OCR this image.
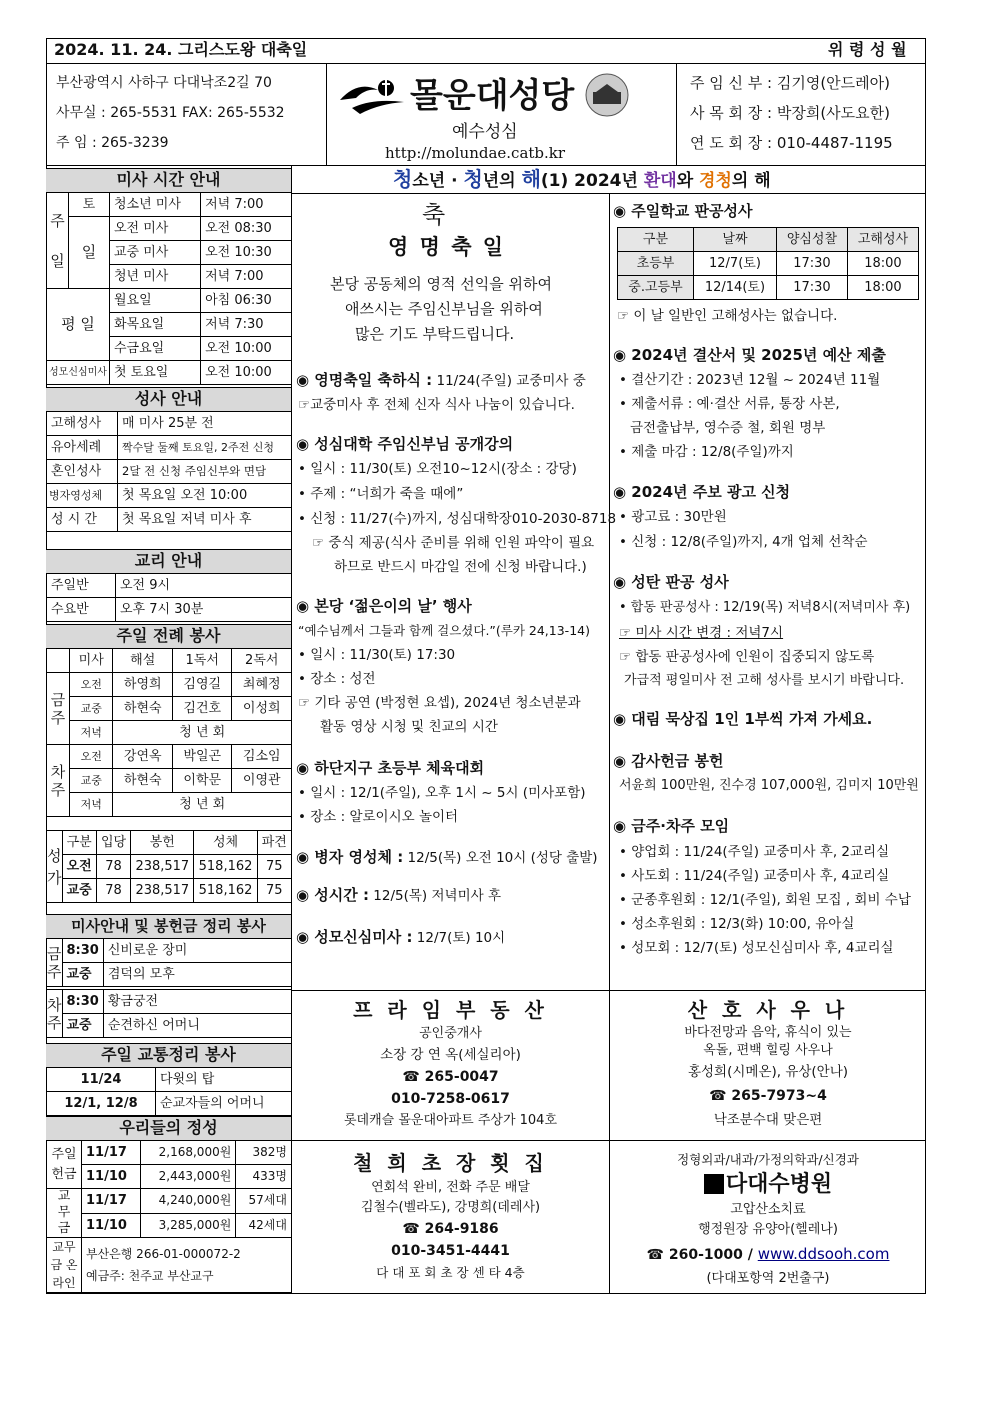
2024. 11. 24. 그리스도왕 대축일	위 령 성 월
부산광역시 사하구 다대낙조2길 70
사무실 : 265-5531 FAX: 265-5532
주 임 : 265-3239
몰운대성당
예수성심
http://molundae.catb.kr
주 임 신 부 : 김기영(안드레아)
사 목 회 장 : 박장희(사도요한)
연 도 회 장 : 010-4487-1195
청소년 · 청년의 해(1) 2024년 환대와 경청의 해
미사 시간 안내
주

일	토	청소년 미사	저녁 7:00
	일	오전 미사	오전 08:30
		교중 미사	오전 10:30
		청년 미사	저녁 7:00
평 일		월요일	아침 06:30
		화목요일	저녁 7:30
		수금요일	오전 10:00
성모신심미사		첫 토요일	오전 10:00
성사 안내
고해성사	매 미사 25분 전
유아세례	짝수달 둘째 토요일, 2주전 신청
혼인성사	2달 전 신청 주임신부와 면담
병자영성체	첫 목요일 오전 10:00
성 시 간	첫 목요일 저녁 미사 후
교리 안내
주일반	오전 9시
수요반	오후 7시 30분
주일 전례 봉사
	미사	해설	1독서	2독서
금주	오전	하영희	김영길	최혜정
	교중	하현숙	김건호	이성희
	저녁	청 년 회		
차주	오전	강연옥	박일곤	김소임
	교중	하현숙	이학문	이영관
	저녁	청 년 회		
성가	구분	입당	봉헌	성체	파견
	오전	78	238,517	518,162	75
	교중	78	238,517	518,162	75
미사안내 및 봉헌금 정리 봉사
금주	8:30	신비로운 장미
	교중	겸덕의 모후

차주	8:30	황금궁전
	교중	순견하신 어머니
주일 교통정리 봉사
11/24	다윗의 탑
12/1, 12/8	순교자들의 어머니
우리들의 정성
주일헌금	11/17	2,168,000원	382명
	11/10	2,443,000원	433명
교무금	11/17	4,240,000원	57세대
	11/10	3,285,000원	42세대
교무금 온라인	부산은행 266-01-000072-2
예금주: 천주교 부산교구		
축
영 명 축 일
본당 공동체의 영적 선익을 위하여
애쓰시는 주임신부님을 위하여
많은 기도 부탁드립니다.
◉ 영명축일 축하식 : 11/24(주일) 교중미사 중
☞교중미사 후 전체 신자 식사 나눔이 있습니다.
◉ 성심대학 주임신부님 공개강의
• 일시 : 11/30(토) 오전10~12시(장소 : 강당)
• 주제 : “너희가 죽을 때에”
• 신청 : 11/27(수)까지, 성심대학장010-2030-8718
☞ 중식 제공(식사 준비를 위해 인원 파악이 필요
하므로 반드시 마감일 전에 신청 바랍니다.)
◉ 본당 ‘젊은이의 날’ 행사
“예수님께서 그들과 함께 걸으셨다.”(루카 24,13-14)
• 일시 : 11/30(토) 17:30
• 장소 : 성전
☞ 기타 공연 (박정현 요셉), 2024년 청소년분과
활동 영상 시청 및 친교의 시간
◉ 하단지구 초등부 체육대회
• 일시 : 12/1(주일), 오후 1시 ~ 5시 (미사포함)
• 장소 : 알로이시오 놀이터
◉ 병자 영성체 : 12/5(목) 오전 10시 (성당 출발)
◉ 성시간 : 12/5(목) 저녁미사 후
◉ 성모신심미사 : 12/7(토) 10시
◉ 주일학교 판공성사
구분	날짜	양심성찰	고해성사
초등부	12/7(토)	17:30	18:00
중.고등부	12/14(토)	17:30	18:00
☞ 이 날 일반인 고해성사는 없습니다.
◉ 2024년 결산서 및 2025년 예산 제출
• 결산기간 : 2023년 12월 ~ 2024년 11월
• 제출서류 : 예·결산 서류, 통장 사본,
금전출납부, 영수증 철, 회원 명부
• 제출 마감 : 12/8(주일)까지
◉ 2024년 주보 광고 신청
• 광고료 : 30만원
• 신청 : 12/8(주일)까지, 4개 업체 선착순
◉ 성탄 판공 성사
• 합동 판공성사 : 12/19(목) 저녁8시(저녁미사 후)
☞ 미사 시간 변경 : 저녁7시
☞ 합동 판공성사에 인원이 집중되지 않도록
가급적 평일미사 전 고해 성사를 보시기 바랍니다.
◉ 대림 묵상집 1인 1부씩 가져 가세요.
◉ 감사헌금 봉헌
서윤희 100만원, 진수경 107,000원, 김미지 10만원
◉ 금주·차주 모임
• 양업회 : 11/24(주일) 교중미사 후, 2교리실
• 사도회 : 11/24(주일) 교중미사 후, 4교리실
• 군종후원회 : 12/1(주일), 회원 모집 , 회비 수납
• 성소후원회 : 12/3(화) 10:00, 유아실
• 성모회 : 12/7(토) 성모신심미사 후, 4교리실
프 라 임 부 동 산
공인중개사
소장 강 연 옥(세실리아)
☎ 265-0047
010-7258-0617
롯데캐슬 몰운대아파트 주상가 104호
산 호 사 우 나
바다전망과 음악, 휴식이 있는
옥돌, 편백 힐링 사우나
홍성희(시메온), 유상(안나)
☎ 265-7973~4
낙조분수대 맞은편
철 희 초 장 횟 집
연회석 완비, 전화 주문 배달
김철수(벨라도), 강명희(데레사)
☎ 264-9186
010-3451-4441
다 대 포 회 초 장 센 타 4층
정형외과/내과/가정의학과/신경과
다대수병원
고압산소치료
행정원장 유양아(헬레나)
☎ 260-1000 / www.ddsooh.com
(다대포항역 2번출구)
